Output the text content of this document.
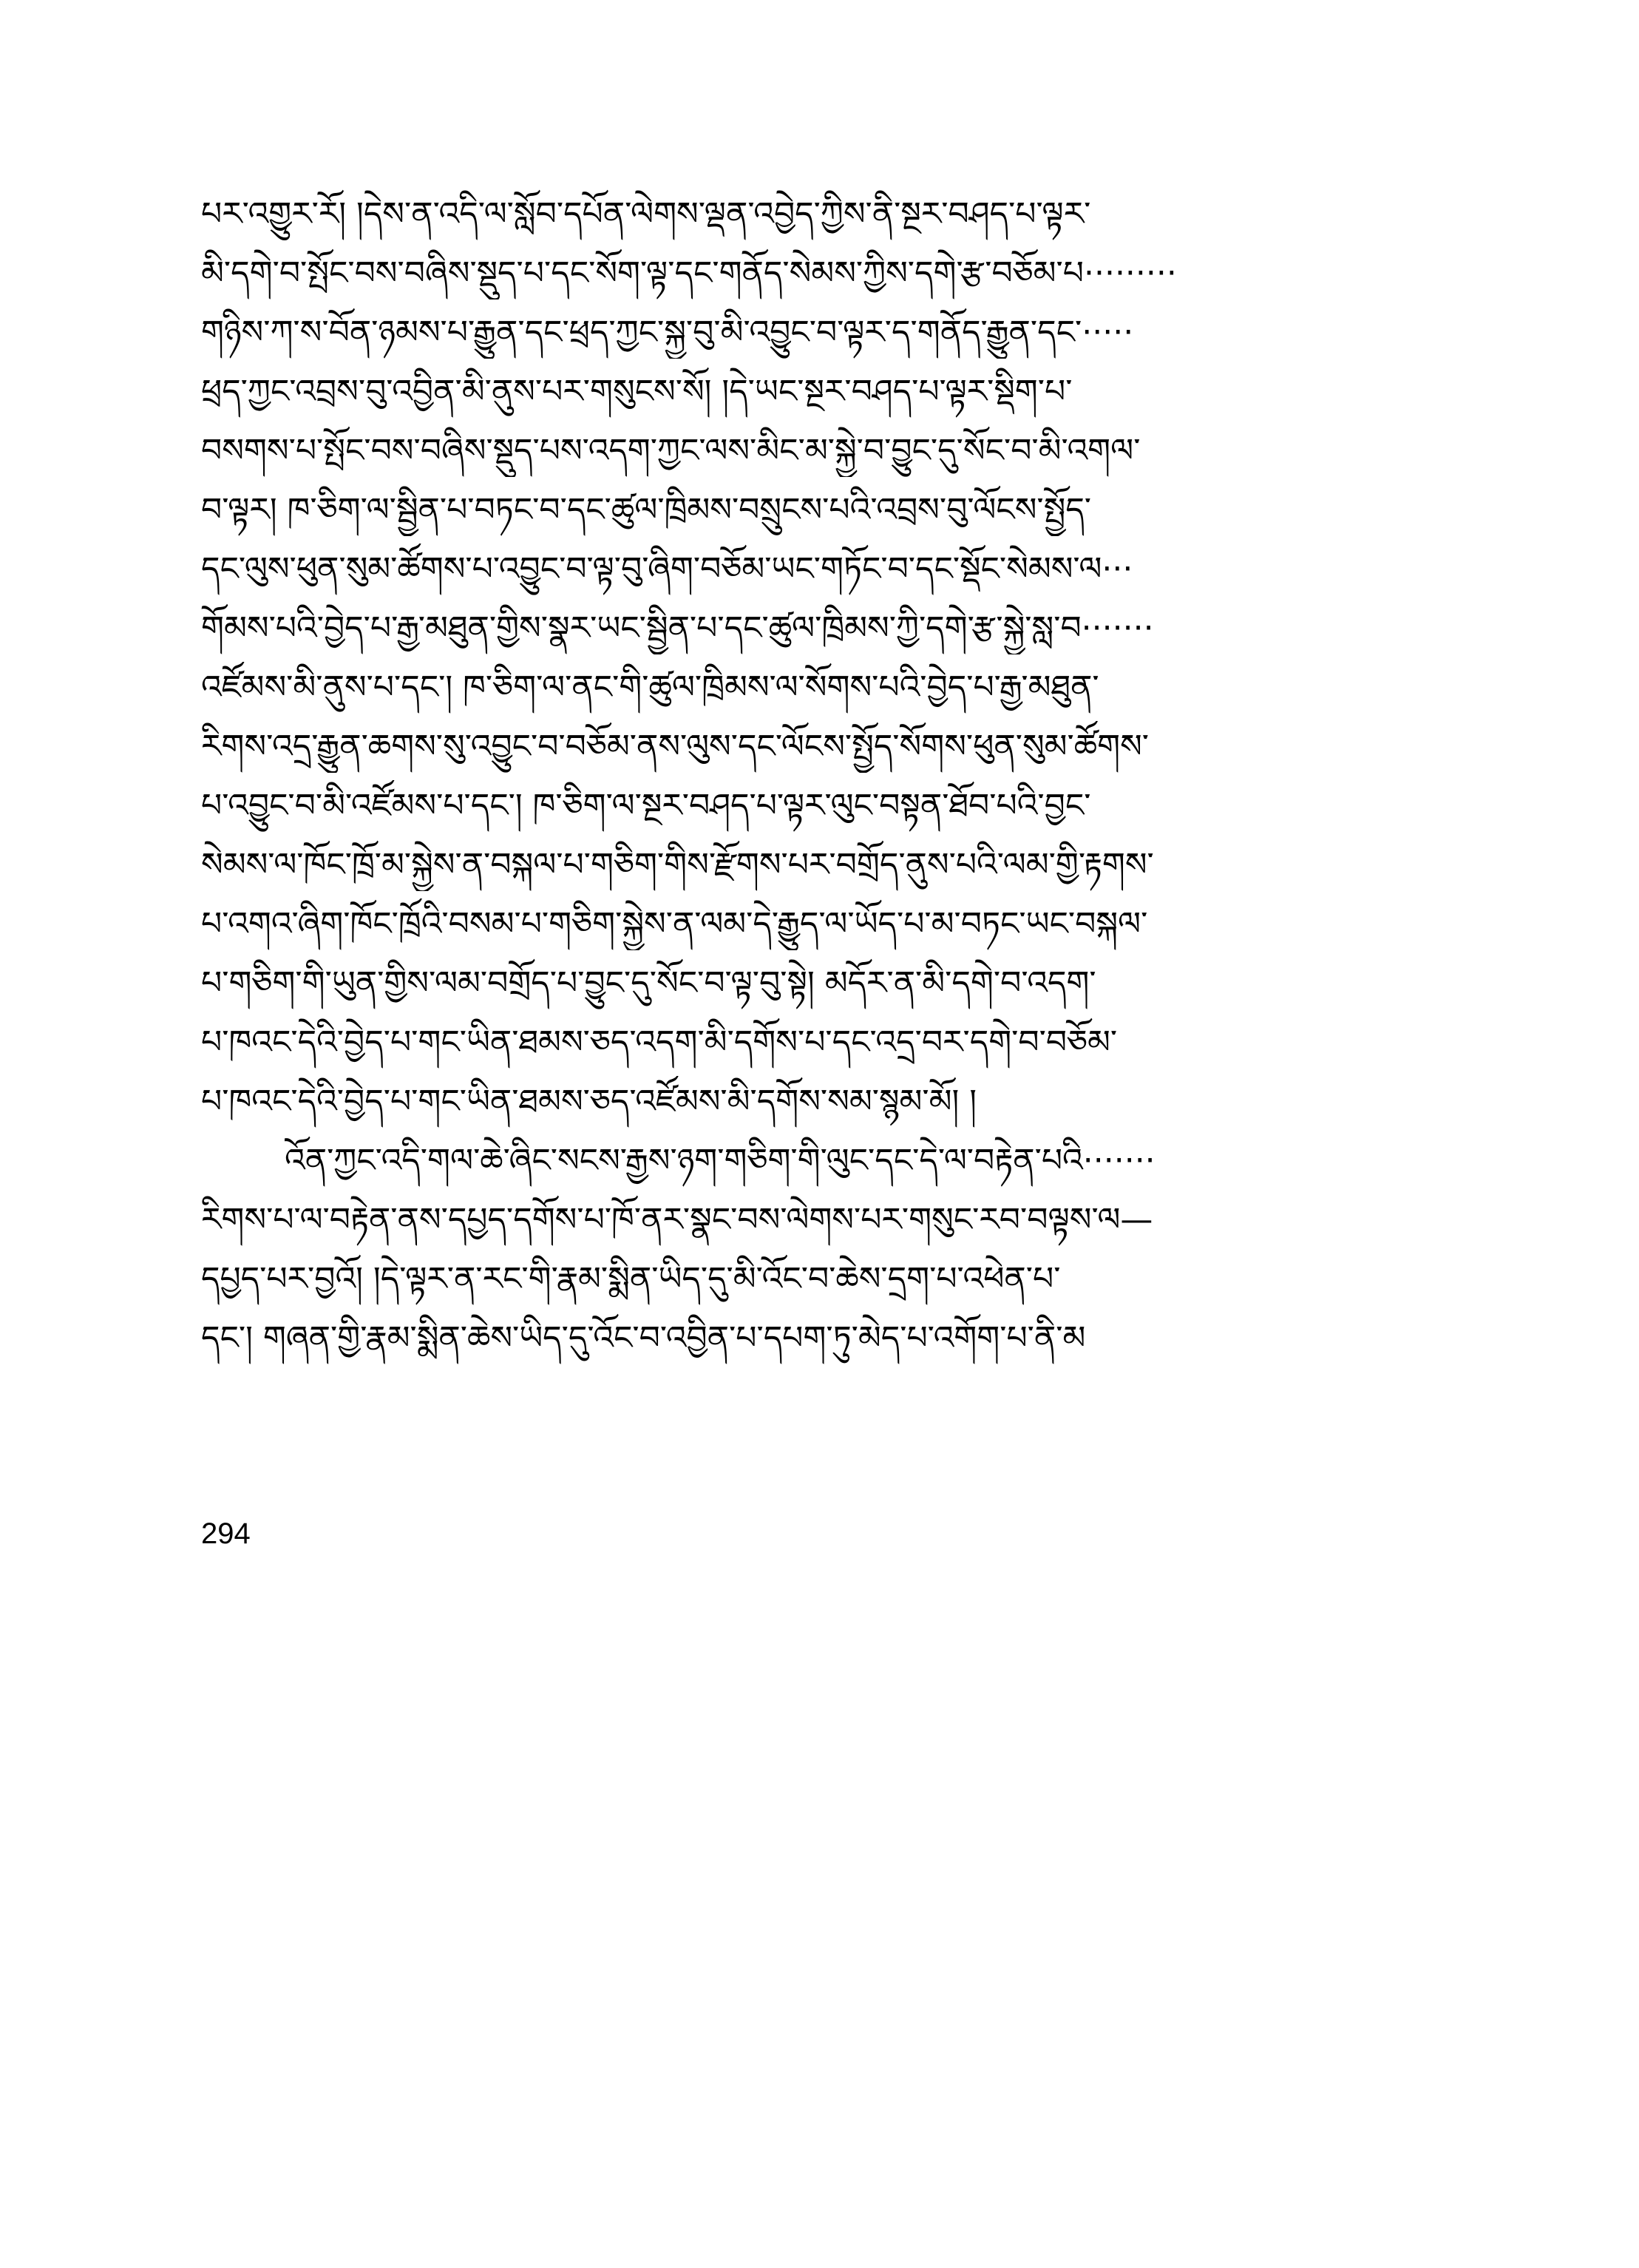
པར་འགྱུར་རོ། །དེས་ན་འདི་ལ་སློབ་དཔོན་ལེགས་ལྡན་འབྱེད་ཀྱིས་ནི་སྔར་བཤད་པ་ལྟར་
མི་དགེ་བ་སྤོང་བས་བཞིས་སྡུད་པ་དང་སོག་ལྟ་དང་གནོད་སེམས་ཀྱིས་དགེ་རྩ་བཅོམ་པ·········
གཉིས་ཀ་ས་བོན་ཉམས་པ་རྒྱུན་དང་ཕྲད་ཀྱང་སྐྱ་བུ་མི་འབྱུང་བ་ལྟར་ད་གནོད་རྒྱུན་དང་·····
ཕྲད་ཀྱང་འབྲས་བུ་འབྱིན་མི་ནུས་པར་གསུངས་སོ། །དེ་ཡང་སྔར་བཤད་པ་ལྟར་སྡིག་པ་
བསགས་པ་སྤོང་བས་བཞིས་སྡུད་པས་འདག་ཀྱང་ལས་མིང་མ་སྐྱེ་བ་བྱུང་དུ་སོང་བ་མི་འགལ་
བ་ལྟར། ཁ་ཅིག་ལ་སྦྱིན་པ་བཏང་བ་དང་ཚུལ་ཁྲིམས་བསྲུངས་པའི་འབྲས་བུ་ལོངས་སྤྱོད་
དང་ལུས་ཕུན་སུམ་ཚོགས་པ་འབྱུང་བ་ལྟ་བུ་ཞིག་བཅོམ་ཡང་གཏོང་བ་དང་སྡོང་སེམས་ལ···
གོམས་པའི་བྱེད་པ་རྒྱ་མཐུན་གྱིས་སྣར་ཡང་སྦྱིན་པ་དང་ཚུལ་ཁྲིམས་ཀྱི་དགེ་རྩ་སྐྱེ་སླ་བ·······
འཛོམས་མི་ནུས་པ་དང་། ཁ་ཅིག་ལ་ནང་གི་ཚུལ་ཁྲིམས་ལ་སོགས་པའི་བྱེད་པ་རྒྱ་མཐུན་
རིགས་འདྲ་རྒྱུན་ཆགས་སུ་འབྱུང་བ་བཅོམ་ནས་ལུས་དང་ལོངས་སྤྱོད་སོགས་ཕུན་སུམ་ཚོགས་
པ་འབྱུང་བ་མི་འཛོམས་པ་དང་། ཁ་ཅིག་ལ་སྔར་བཤད་པ་ལྟར་ལུང་བསྟན་ཐོབ་པའི་བྱང་
སེམས་ལ་ཁོང་ཁྲོ་མ་སྐྱེས་ན་བསྐལ་པ་གཅིག་གིས་རྫོགས་པར་བགྲོད་ནུས་པའི་ལམ་གྱི་རྟགས་
པ་འགའ་ཞིག་ཁོང་ཁྲོའི་བསམ་པ་གཅིག་སྐྱེས་ན་ལམ་དེ་རྒྱུད་ལ་ཡོད་པ་མ་བཏང་ཡང་བསྐལ་
པ་གཅིག་གི་ཡུན་གྱིས་ལམ་བགྲོད་པ་བྱུང་དུ་སོང་བ་ལྟ་བུ་སྟེ། མདོར་ན་མི་དགེ་བ་འདག་
པ་ཁའང་དེའི་བྱེད་པ་གང་ཡིན་ཐམས་ཅད་འདག་མི་དགོས་པ་དང་འདྲ་བར་དགེ་བ་བཅོམ་
པ་ཁའང་དེའི་བྱེད་པ་གང་ཡིན་ཐམས་ཅད་འཛོམས་མི་དགོས་སམ་སྙམ་མོ། །
འོན་ཀྱང་འདི་གལ་ཆེ་ཞིང་སངས་རྒྱས་ཉག་གཅིག་གི་ལུང་དང་དེ་ལ་བརྟེན་པའི·······
རིགས་པ་ལ་བརྟེན་ནས་དཔྱད་དགོས་པ་ཁོ་ནར་སྣང་བས་ལེགས་པར་གསུང་རབ་བལྟས་ལ—
དཔྱད་པར་བྱའོ། །དེ་ལྟར་ན་རང་གི་རྣམ་སྨིན་ཡིད་དུ་མི་འོང་བ་ཆེས་དྲག་པ་འཕེན་པ་
དང་། གཞན་གྱི་རྣམ་སྨིན་ཆེས་ཡིད་དུ་འོང་བ་འབྱིན་པ་དཔག་ཏུ་མེད་པ་འགོག་པ་ནི་མ
294
